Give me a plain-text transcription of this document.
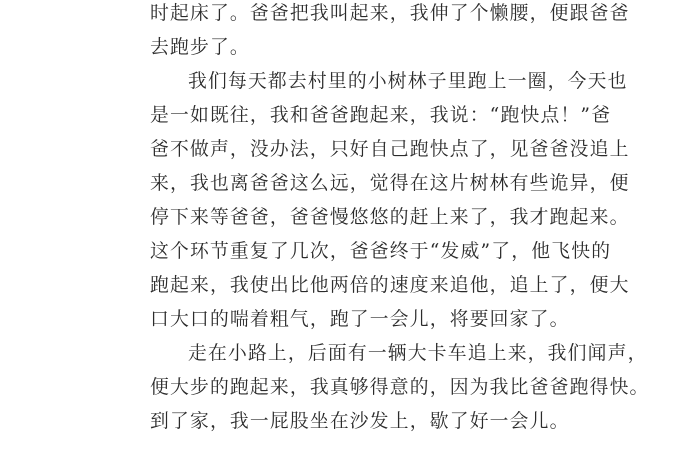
时起床了。爸爸把我叫起来，我伸了个懒腰，便跟爸爸
去跑步了。
我们每天都去村里的小树林子里跑上一圈，今天也
是一如既往，我和爸爸跑起来，我说：“跑快点！”爸
爸不做声，没办法，只好自己跑快点了，见爸爸没追上
来，我也离爸爸这么远，觉得在这片树林有些诡异，便
停下来等爸爸，爸爸慢悠悠的赶上来了，我才跑起来。
这个环节重复了几次，爸爸终于“发威”了，他飞快的
跑起来，我使出比他两倍的速度来追他，追上了，便大
口大口的喘着粗气，跑了一会儿，将要回家了。
走在小路上，后面有一辆大卡车追上来，我们闻声，
便大步的跑起来，我真够得意的，因为我比爸爸跑得快。
到了家，我一屁股坐在沙发上，歇了好一会儿。
